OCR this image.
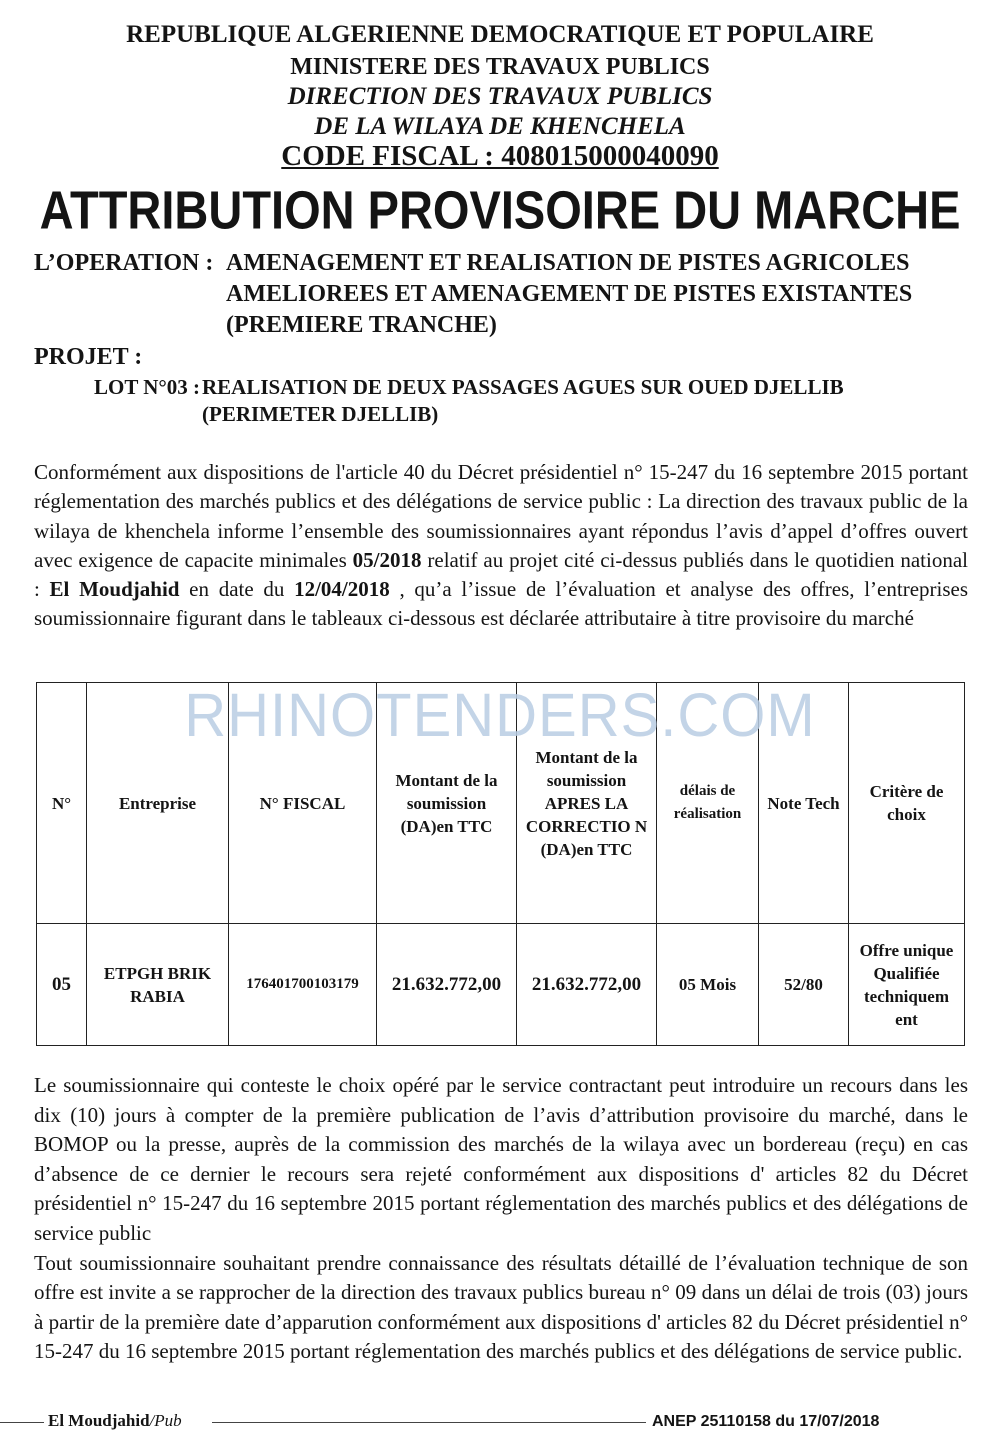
REPUBLIQUE ALGERIENNE DEMOCRATIQUE ET POPULAIRE
MINISTERE DES TRAVAUX PUBLICS
DIRECTION DES TRAVAUX PUBLICS
DE LA WILAYA DE KHENCHELA
CODE FISCAL : 408015000040090
ATTRIBUTION PROVISOIRE DU MARCHE
L’OPERATION : AMENAGEMENT ET REALISATION DE PISTES AGRICOLES
AMELIOREES ET AMENAGEMENT DE PISTES EXISTANTES
(PREMIERE TRANCHE)
PROJET :
LOT N°03 : REALISATION DE DEUX PASSAGES AGUES SUR OUED DJELLIB
(PERIMETER DJELLIB)
Conformément aux dispositions de l'article 40 du Décret présidentiel n° 15-247 du 16 septembre 2015 portant réglementation des marchés publics et des délégations de service public : La direction des travaux public de la wilaya de khenchela informe l’ensemble des soumissionnaires ayant répondus l’avis d’appel d’offres ouvert avec exigence de capacite minimales 05/2018 relatif au projet cité ci-dessus publiés dans le quotidien national : El Moudjahid en date du 12/04/2018 , qu’a l’issue de l’évaluation et analyse des offres, l’entreprises soumissionnaire figurant dans le tableaux ci-dessous est déclarée attributaire à titre provisoire du marché
N°	Entreprise	N° FISCAL	Montant de la soumission (DA)en TTC	Montant de la soumission APRES LA CORRECTIO N (DA)en TTC	délais de réalisation	Note Tech	Critère de choix
05	ETPGH BRIK RABIA	176401700103179	21.632.772,00	21.632.772,00	05 Mois	52/80	Offre unique Qualifiée techniquem ent
RHINOTENDERS.COM
Le soumissionnaire qui conteste le choix opéré par le service contractant peut introduire un recours dans les dix (10) jours à compter de la première publication de l’avis d’attribution provisoire du marché, dans le BOMOP ou la presse, auprès de la commission des marchés de la wilaya avec un bordereau (reçu) en cas d’absence de ce dernier le recours sera rejeté conformément aux dispositions d' articles 82 du Décret présidentiel n° 15-247 du 16 septembre 2015 portant réglementation des marchés publics et des délégations de service public
Tout soumissionnaire souhaitant prendre connaissance des résultats détaillé de l’évaluation technique de son offre est invite a se rapprocher de la direction des travaux publics bureau n° 09 dans un délai de trois (03) jours à partir de la première date d’apparution conformément aux dispositions d' articles 82 du Décret présidentiel n° 15-247 du 16 septembre 2015 portant réglementation des marchés publics et des délégations de service public.
El Moudjahid/Pub	ANEP 25110158 du 17/07/2018
